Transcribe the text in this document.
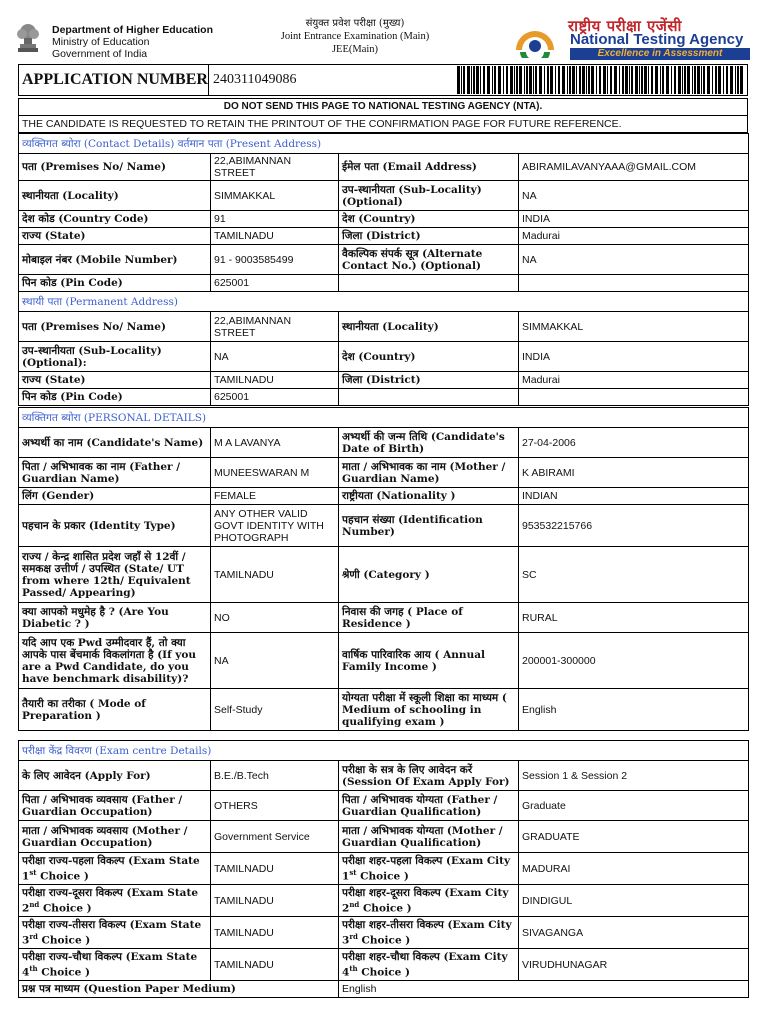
Department of Higher Education
Ministry of Education
Government of India
संयुक्त प्रवेश परीक्षा (मुख्य)
Joint Entrance Examination (Main)
JEE(Main)
राष्ट्रीय परीक्षा एजेंसी
National Testing Agency
Excellence in Assessment
APPLICATION NUMBER 240311049086
DO NOT SEND THIS PAGE TO NATIONAL TESTING AGENCY (NTA).
THE CANDIDATE IS REQUESTED TO RETAIN THE PRINTOUT OF THE CONFIRMATION PAGE FOR FUTURE REFERENCE.
व्यक्तिगत ब्योरा (Contact Details) वर्तमान पता (Present Address)			
पता (Premises No/ Name)	22,ABIMANNAN STREET	ईमेल पता (Email Address)	ABIRAMILAVANYAAA@GMAIL.COM
स्थानीयता (Locality)	SIMMAKKAL	उप-स्थानीयता (Sub-Locality)(Optional)	NA
देश कोड (Country Code)	91	देश (Country)	INDIA
राज्य (State)	TAMILNADU	जिला (District)	Madurai
मोबाइल नंबर (Mobile Number)	91 - 9003585499	वैकल्पिक संपर्क सूत्र (Alternate Contact No.) (Optional)	NA
पिन कोड (Pin Code)	625001		
स्थायी पता (Permanent Address)			
पता (Premises No/ Name)	22,ABIMANNAN STREET	स्थानीयता (Locality)	SIMMAKKAL
उप-स्थानीयता (Sub-Locality)(Optional):	NA	देश (Country)	INDIA
राज्य (State)	TAMILNADU	जिला (District)	Madurai
पिन कोड (Pin Code)	625001		
व्यक्तिगत ब्योरा (PERSONAL DETAILS)			
अभ्यर्थी का नाम (Candidate's Name)	M A LAVANYA	अभ्यर्थी की जन्म तिथि (Candidate's Date of Birth)	27-04-2006
पिता / अभिभावक का नाम (Father / Guardian Name)	MUNEESWARAN M	माता / अभिभावक का नाम (Mother / Guardian Name)	K ABIRAMI
लिंग (Gender)	FEMALE	राष्ट्रीयता (Nationality )	INDIAN
पहचान के प्रकार (Identity Type)	ANY OTHER VALID GOVT IDENTITY WITH PHOTOGRAPH	पहचान संख्या (Identification Number)	953532215766
राज्य / केन्द्र शासित प्रदेश जहाँ से 12वीं / समकक्ष उत्तीर्ण / उपस्थित (State/ UT from where 12th/ Equivalent Passed/ Appearing)	TAMILNADU	श्रेणी (Category )	SC
क्या आपको मधुमेह है ? (Are You Diabetic ? )	NO	निवास की जगह ( Place of Residence )	RURAL
यदि आप एक Pwd उम्मीदवार हैं, तो क्या आपके पास बेंचमार्क विकलांगता है (If you are a Pwd Candidate, do you have benchmark disability)?	NA	वार्षिक पारिवारिक आय ( Annual Family Income )	200001-300000
तैयारी का तरीका ( Mode of Preparation )	Self-Study	योग्यता परीक्षा में स्कूली शिक्षा का माध्यम ( Medium of schooling in qualifying exam )	English
परीक्षा केंद्र विवरण (Exam centre Details)			
के लिए आवेदन (Apply For)	B.E./B.Tech	परीक्षा के सत्र के लिए आवेदन करें (Session Of Exam Apply For)	Session 1 & Session 2
पिता / अभिभावक व्यवसाय (Father / Guardian Occupation)	OTHERS	पिता / अभिभावक योग्यता (Father / Guardian Qualification)	Graduate
माता / अभिभावक व्यवसाय (Mother / Guardian Occupation)	Government Service	माता / अभिभावक योग्यता (Mother / Guardian Qualification)	GRADUATE
परीक्षा राज्य-पहला विकल्प (Exam State 1st Choice )	TAMILNADU	परीक्षा शहर-पहला विकल्प (Exam City 1st Choice )	MADURAI
परीक्षा राज्य-दूसरा विकल्प (Exam State 2nd Choice )	TAMILNADU	परीक्षा शहर-दूसरा विकल्प (Exam City 2nd Choice )	DINDIGUL
परीक्षा राज्य-तीसरा विकल्प (Exam State 3rd Choice )	TAMILNADU	परीक्षा शहर-तीसरा विकल्प (Exam City 3rd Choice )	SIVAGANGA
परीक्षा राज्य-चौथा विकल्प (Exam State 4th Choice )	TAMILNADU	परीक्षा शहर-चौथा विकल्प (Exam City 4th Choice )	VIRUDHUNAGAR
प्रश्न पत्र माध्यम (Question Paper Medium)		English	
